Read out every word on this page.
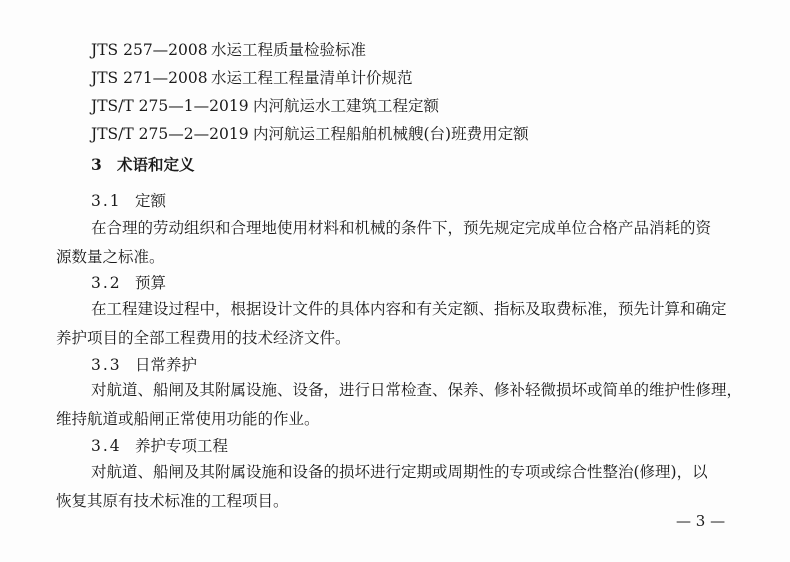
JTS 257—2008 水运工程质量检验标准
JTS 271—2008 水运工程工程量清单计价规范
JTS/T 275—1—2019 内河航运水工建筑工程定额
JTS/T 275—2—2019 内河航运工程船舶机械艘(台)班费用定额
3 术语和定义
3.1 定额
在合理的劳动组织和合理地使用材料和机械的条件下，预先规定完成单位合格产品消耗的资
源数量之标准。
3.2 预算
在工程建设过程中，根据设计文件的具体内容和有关定额、指标及取费标准，预先计算和确定
养护项目的全部工程费用的技术经济文件。
3.3 日常养护
对航道、船闸及其附属设施、设备，进行日常检查、保养、修补轻微损坏或简单的维护性修理，
维持航道或船闸正常使用功能的作业。
3.4 养护专项工程
对航道、船闸及其附属设施和设备的损坏进行定期或周期性的专项或综合性整治(修理)，以
恢复其原有技术标准的工程项目。
— 3 —
